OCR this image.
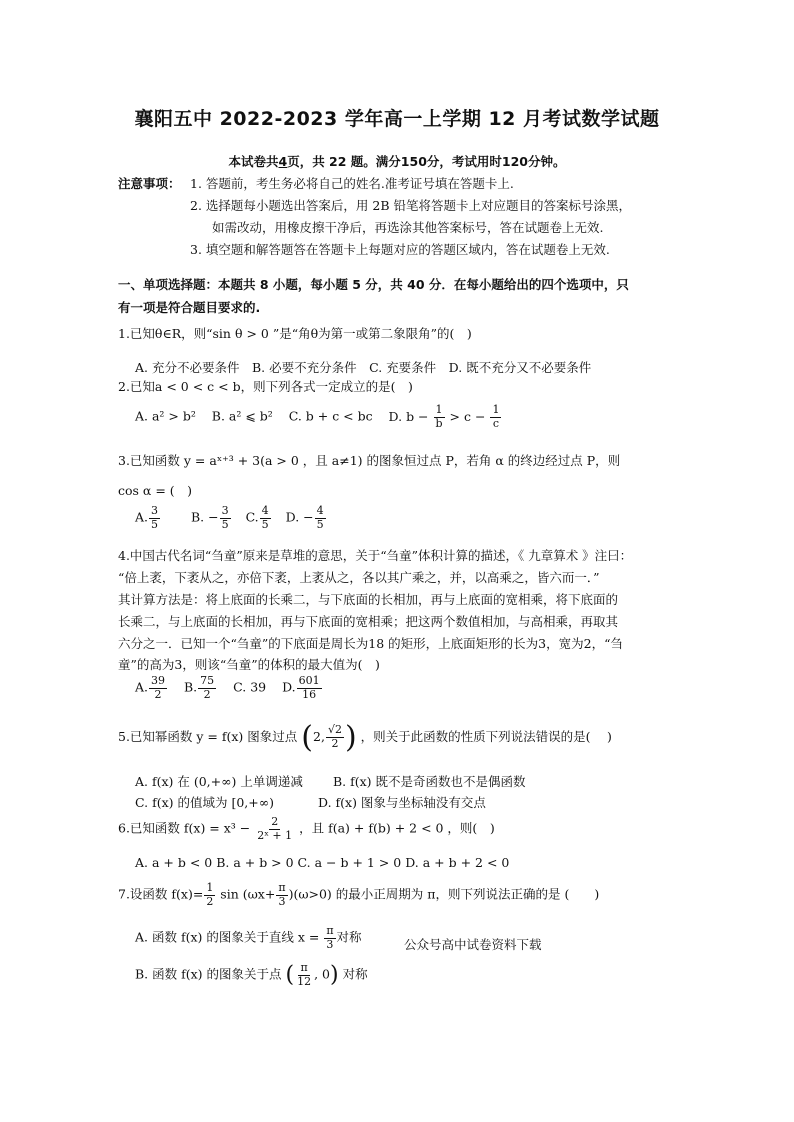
襄阳五中 2022-2023 学年高一上学期 12 月考试数学试题
本试卷共4页，共 22 题。满分150分，考试用时120分钟。
注意事项： 1. 答题前，考生务必将自己的姓名.准考证号填在答题卡上.
2. 选择题每小题选出答案后，用 2B 铅笔将答题卡上对应题目的答案标号涂黑，
如需改动，用橡皮擦干净后，再选涂其他答案标号，答在试题卷上无效.
3. 填空题和解答题答在答题卡上每题对应的答题区域内，答在试题卷上无效.
一、单项选择题：本题共 8 小题，每小题 5 分，共 40 分．在每小题给出的四个选项中，只
有一项是符合题目要求的.
1.已知θ∈R，则“sin θ > 0 ”是“角θ为第一或第二象限角”的(　)
A. 充分不必要条件　B. 必要不充分条件　C. 充要条件　D. 既不充分又不必要条件
2.已知a < 0 < c < b，则下列各式一定成立的是(　)
A. a² > b² B. a² ⩽ b² C. b + c < bc D. $b - \frac{1}{b} > c - \frac{1}{c}$
3.已知函数 y = aˣ⁺³ + 3(a > 0 ，且 a≠1) 的图象恒过点 P，若角 α 的终边经过点 P，则
cos α = (　)
A. $\frac{3}{5} B$. − $\frac{3}{5} C$. $\frac{4}{5} D$. − $\frac{4}{5}$
4.中国古代名词“刍童”原来是草堆的意思，关于“刍童”体积计算的描述，《 九章算术 》注曰：
“倍上袤，下袤从之，亦倍下袤，上袤从之，各以其广乘之，并，以高乘之，皆六而一．”
其计算方法是：将上底面的长乘二，与下底面的长相加，再与上底面的宽相乘，将下底面的
长乘二，与上底面的长相加，再与下底面的宽相乘；把这两个数值相加，与高相乘，再取其
六分之一．已知一个“刍童”的下底面是周长为18 的矩形，上底面矩形的长为3，宽为2，“刍
童”的高为3，则该“刍童”的体积的最大值为(　)
A. $\frac{39}{2} B$. $\frac{75}{2} C$. 39 D. $\frac{601}{16}$
5.已知幂函数 y = f(x) 图象过点 (2, $\frac{√2}{2}$ ) ，则关于此函数的性质下列说法错误的是(　 )
A. f(x) 在 (0,+∞) 上单调递减 B. f(x) 既不是奇函数也不是偶函数
C. f(x) 的值域为 [0,+∞)	D. f(x) 图象与坐标轴没有交点
6.已知函数 $f(x) = x^3 - \frac{2}{\text{2ˣ + 1}}$ ，且 f(a) + f(b) + 2 < 0 ，则(　)
A. a + b < 0 B. a + b > 0 C. a − b + 1 > 0 D. a + b + 2 < 0
7.设函数 $f(x)= \frac{1}{2}$ $\sin (\omega x+ \frac{\pi}{3} )(\omega>0)$ 的最小正周期为 π，则下列说法正确的是 (　　)
A. 函数 f(x) 的图象关于直线 $x = \frac{\pi}{3}$ 对称	公众号高中试卷资料下载
B. 函数 f(x) 的图象关于点 ( $\frac{\pi}{12}$ , 0) 对称
